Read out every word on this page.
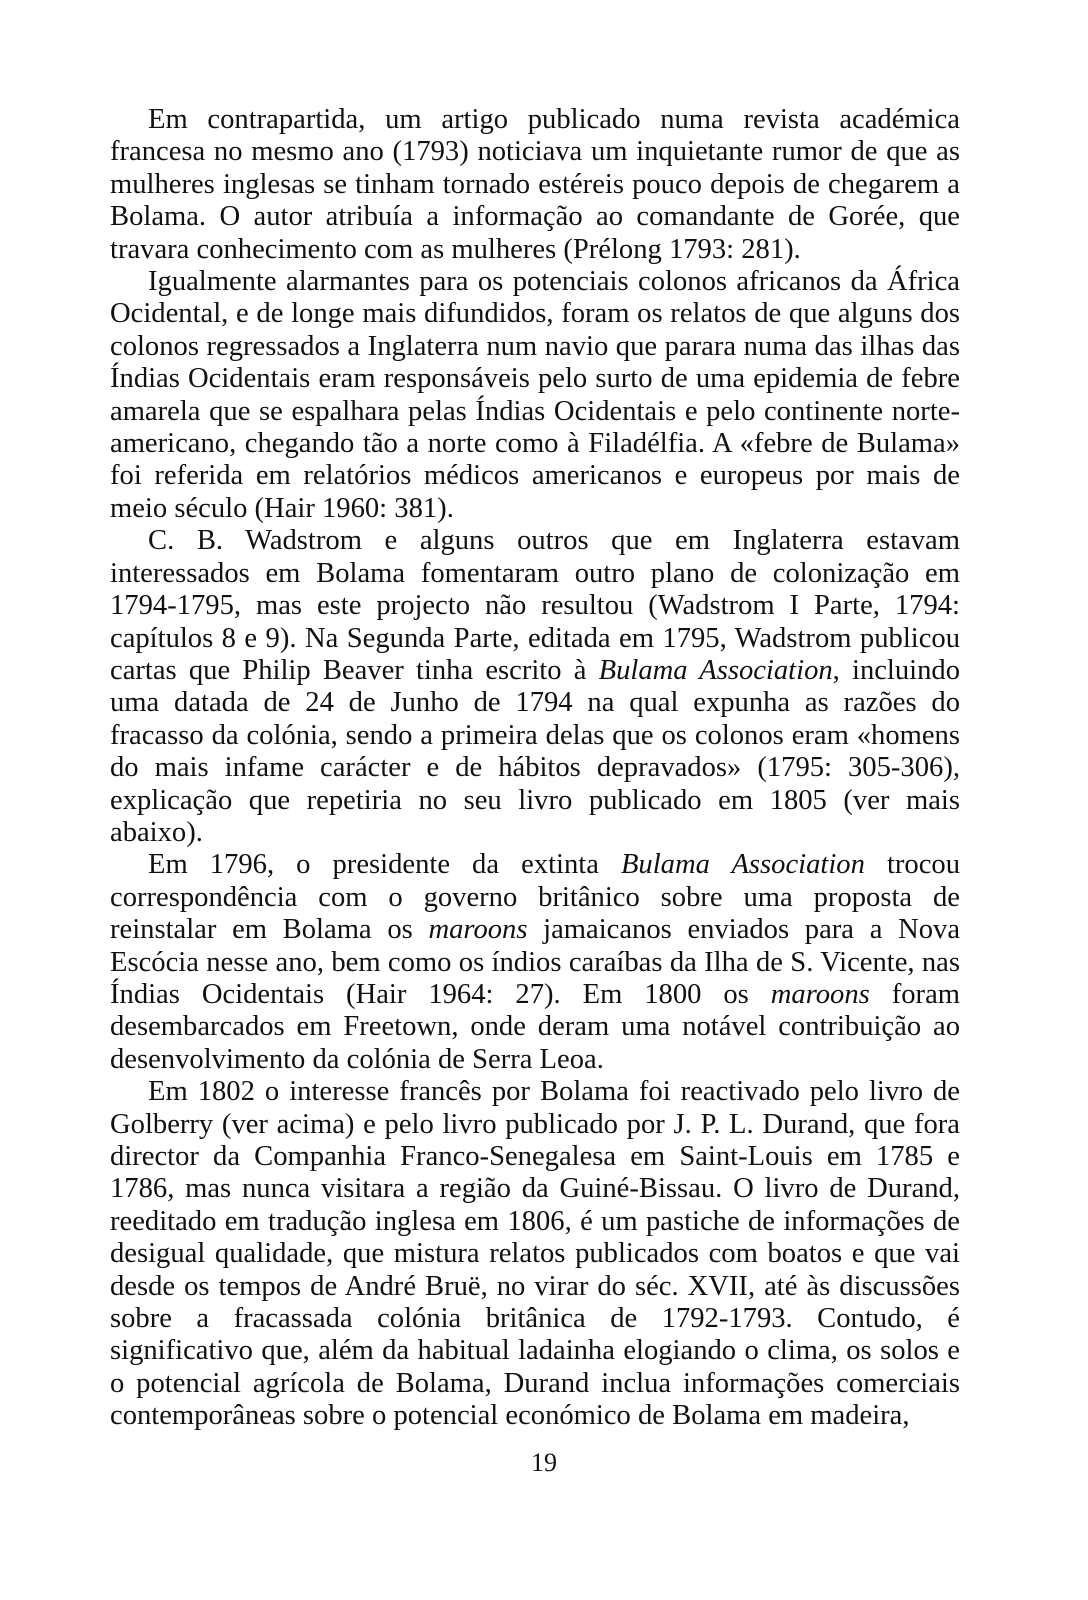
Em contrapartida, um artigo publicado numa revista académica francesa no mesmo ano (1793) noticiava um inquietante rumor de que as mulheres inglesas se tinham tornado estéreis pouco depois de chegarem a Bolama. O autor atribuía a informação ao comandante de Gorée, que travara conhecimento com as mulheres (Prélong 1793: 281).

Igualmente alarmantes para os potenciais colonos africanos da África Ocidental, e de longe mais difundidos, foram os relatos de que alguns dos colonos regressados a Inglaterra num navio que parara numa das ilhas das Índias Ocidentais eram responsáveis pelo surto de uma epidemia de febre amarela que se espalhara pelas Índias Ocidentais e pelo continente norte-americano, chegando tão a norte como à Filadélfia. A «febre de Bulama» foi referida em relatórios médicos americanos e europeus por mais de meio século (Hair 1960: 381).

C. B. Wadstrom e alguns outros que em Inglaterra estavam interessados em Bolama fomentaram outro plano de colonização em 1794-1795, mas este projecto não resultou (Wadstrom I Parte, 1794: capítulos 8 e 9). Na Segunda Parte, editada em 1795, Wadstrom publicou cartas que Philip Beaver tinha escrito à Bulama Association, incluindo uma datada de 24 de Junho de 1794 na qual expunha as razões do fracasso da colónia, sendo a primeira delas que os colonos eram «homens do mais infame carácter e de hábitos depravados» (1795: 305-306), explicação que repetiria no seu livro publicado em 1805 (ver mais abaixo).

Em 1796, o presidente da extinta Bulama Association trocou correspondência com o governo britânico sobre uma proposta de reinstalar em Bolama os maroons jamaicanos enviados para a Nova Escócia nesse ano, bem como os índios caraíbas da Ilha de S. Vicente, nas Índias Ocidentais (Hair 1964: 27). Em 1800 os maroons foram desembarcados em Freetown, onde deram uma notável contribuição ao desenvolvimento da colónia de Serra Leoa.

Em 1802 o interesse francês por Bolama foi reactivado pelo livro de Golberry (ver acima) e pelo livro publicado por J. P. L. Durand, que fora director da Companhia Franco-Senegalesa em Saint-Louis em 1785 e 1786, mas nunca visitara a região da Guiné-Bissau. O livro de Durand, reeditado em tradução inglesa em 1806, é um pastiche de informações de desigual qualidade, que mistura relatos publicados com boatos e que vai desde os tempos de André Bruë, no virar do séc. XVII, até às discussões sobre a fracassada colónia britânica de 1792-1793. Contudo, é significativo que, além da habitual ladainha elogiando o clima, os solos e o potencial agrícola de Bolama, Durand inclua informações comerciais contemporâneas sobre o potencial económico de Bolama em madeira,

19
